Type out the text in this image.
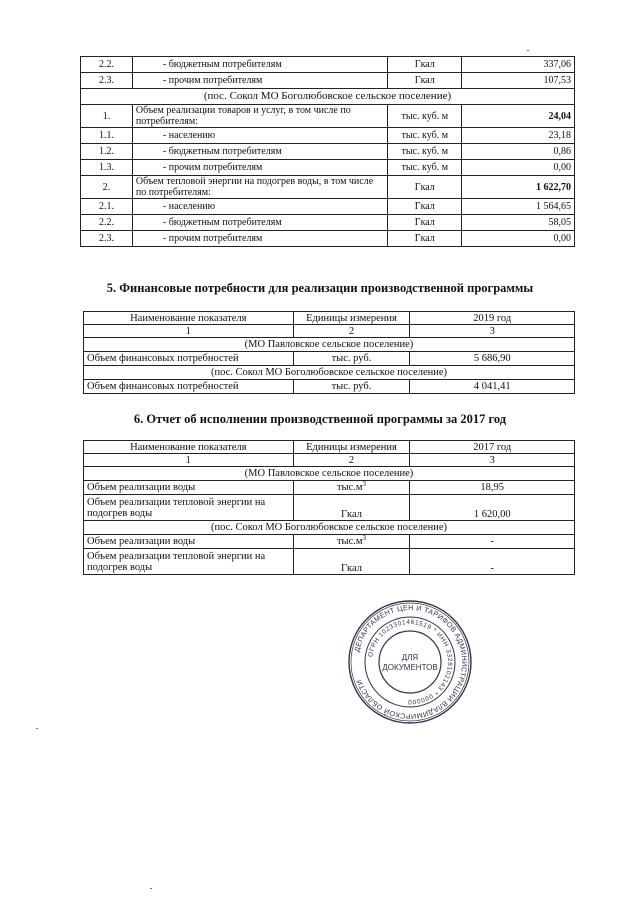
2.2.	- бюджетным потребителям	Гкал	337,06
2.3.	- прочим потребителям	Гкал	107,53
(пос. Сокол МО Боголюбовское сельское поселение)			
1.	Объем реализации товаров и услуг, в том числе по потребителям:	тыс. куб. м	24,04
1.1.	- населению	тыс. куб. м	23,18
1.2.	- бюджетным потребителям	тыс. куб. м	0,86
1.3.	- прочим потребителям	тыс. куб. м	0,00
2.	Объем тепловой энергии на подогрев воды, в том числе по потребителям:	Гкал	1 622,70
2.1.	- населению	Гкал	1 564,65
2.2.	- бюджетным потребителям	Гкал	58,05
2.3.	- прочим потребителям	Гкал	0,00
5. Финансовые потребности для реализации производственной программы
Наименование показателя	Единицы измерения	2019 год
1	2	3
(МО Павловское сельское поселение)		
Объем финансовых потребностей	тыс. руб.	5 686,90
(пос. Сокол МО Боголюбовское сельское поселение)		
Объем финансовых потребностей	тыс. руб.	4 041,41
6. Отчет об исполнении производственной программы за 2017 год
Наименование показателя	Единицы измерения	2017 год
1	2	3
(МО Павловское сельское поселение)		
Объем реализации воды	$тыс.м^3$	18,95
Объем реализации тепловой энергии на подогрев воды	Гкал	1 620,00
(пос. Сокол МО Боголюбовское сельское поселение)		
Объем реализации воды	$тыс.м^3$	-
Объем реализации тепловой энергии на подогрев воды	Гкал	-
ДЕПАРТАМЕНТ ЦЕН И ТАРИФОВ АДМИНИСТРАЦИИ ВЛАДИМИРСКОЙ ОБЛАСТИ
ОГРН 1023301461519 * ИНН 3328102143 * 000000
ДЛЯ
ДОКУМЕНТОВ
